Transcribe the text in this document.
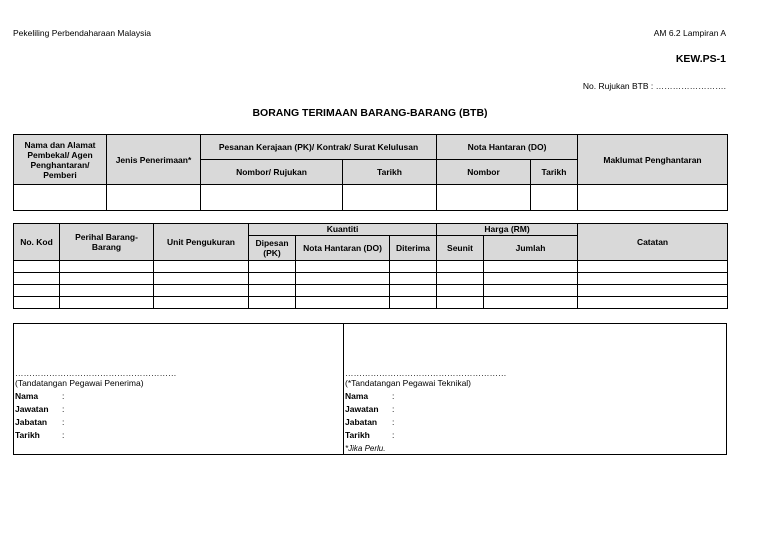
Pekeliling Perbendaharaan Malaysia	AM 6.2 Lampiran A
KEW.PS-1
No. Rujukan BTB : …………………….
BORANG TERIMAAN BARANG-BARANG (BTB)
Nama dan Alamat Pembekal/ Agen Penghantaran/ Pemberi	Jenis Penerimaan*	Pesanan Kerajaan (PK)/ Kontrak/ Surat Kelulusan		Nota Hantaran (DO)		Maklumat Penghantaran
		Nombor/ Rujukan	Tarikh	Nombor	Tarikh	

No. Kod	Perihal Barang-Barang	Unit Pengukuran	Kuantiti			Harga (RM)		Catatan
			Dipesan (PK)	Nota Hantaran (DO)	Diterima	Seunit	Jumlah	

…………………………………………………
(Tandatangan Pegawai Penerima)
Nama	:
Jawatan :
Jabatan :
Tarikh	:
…………………………………………………
(*Tandatangan Pegawai Teknikal)
Nama	:
Jawatan :
Jabatan :
Tarikh	:
*Jika Perlu.
